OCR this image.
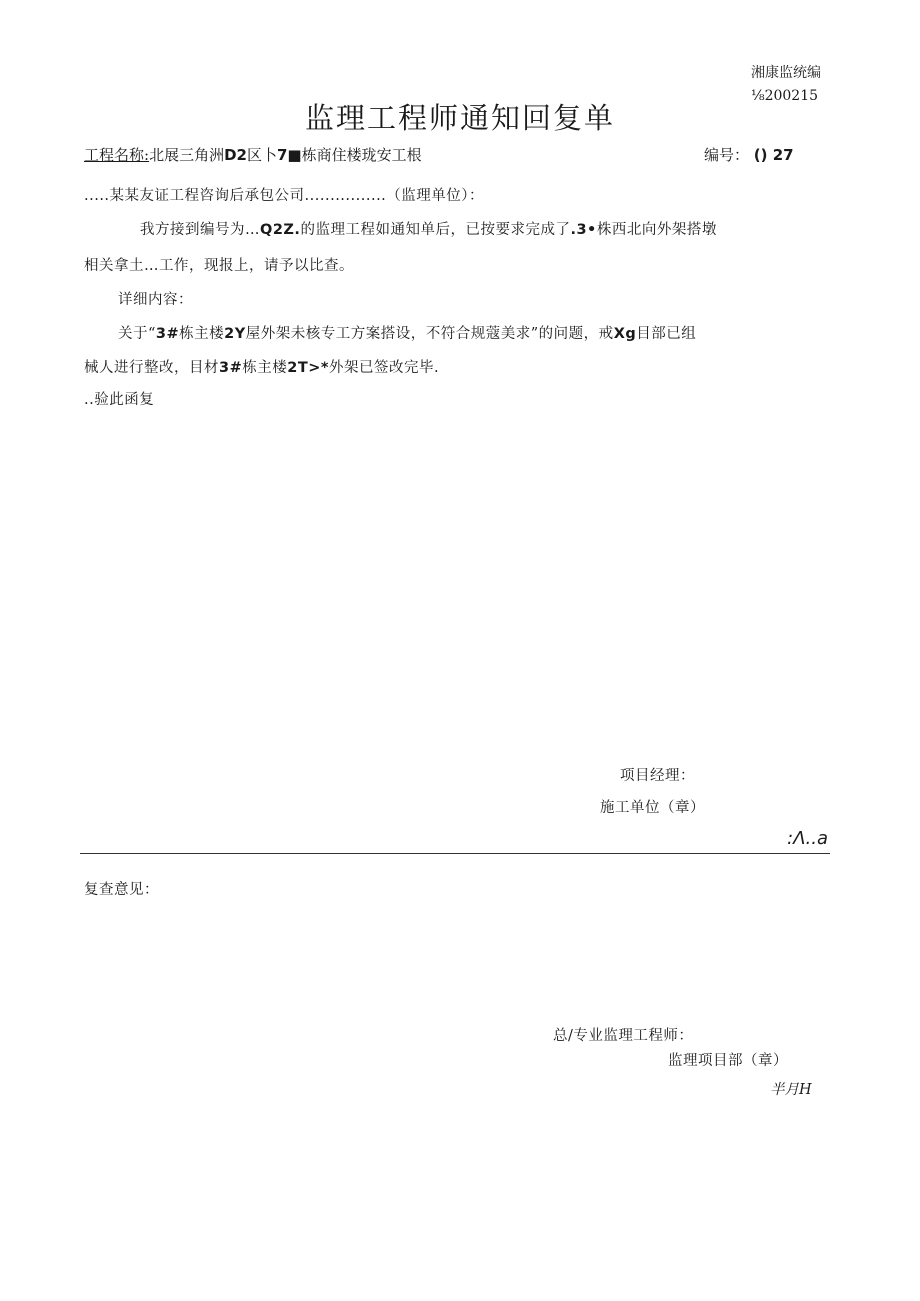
湘康监统编
⅛200215
监理工程师通知回复单
工程名称:北展三角洲D2区卜7■栋商住楼珑安工根	编号： () 27
.....某某友证工程咨询后承包公司................（监理单位）：
我方接到编号为…Q2Z.的监理工程如通知单后，已按要求完成了.3•株西北向外架搭墩
相关拿土…工作，现报上，请予以比查。
详细内容：
关于“3#栋主楼2Y屋外架未核专工方案搭设，不符合规蔻美求”的问题，戒Xg目部已组
械人进行整改，目材3#栋主楼2T>*外架已签改完毕.
..验此函复
项目经理：
施工单位（章）
:Λ..a
复查意见：
总/专业监理工程师：
监理项目部（章）
半月H
